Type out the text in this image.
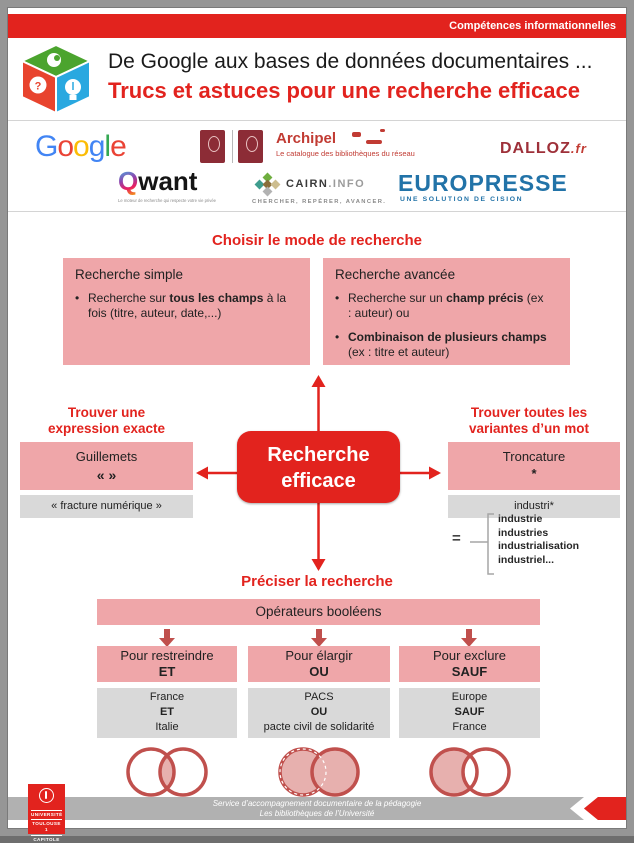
Compétences informationnelles
?
De Google aux bases de données documentaires ...
Trucs et astuces pour une recherche efficace
Google	Archipel
Le catalogue des bibliothèques du réseau	DALLOZ.fr
Qwant
Le moteur de recherche qui respecte votre vie privée
CAIRN.INFO
CHERCHER, REPÉRER, AVANCER.
EUROPRESSE
UNE SOLUTION DE CISION
Choisir le mode de recherche
Recherche simple
• Recherche sur tous les champs à la fois (titre, auteur, date,...)
Recherche avancée
• Recherche sur un champ précis (ex : auteur) ou
• Combinaison de plusieurs champs (ex : titre et auteur)
Trouver une
expression exacte
Guillemets
« »
« fracture numérique »
Recherche
efficace
Trouver toutes les
variantes d’un mot
Troncature
*
industri*
=
industrie
industries
industrialisation
industriel...
Préciser la recherche
Opérateurs booléens
Pour restreindre
ET
Pour élargir
OU
Pour exclure
SAUF
France
ET
Italie
PACS
OU
pacte civil de solidarité
Europe
SAUF
France
Service d’accompagnement documentaire de la pédagogie
Les bibliothèques de l’Université
UNIVERSITÉ
TOULOUSE 1
CAPITOLE
